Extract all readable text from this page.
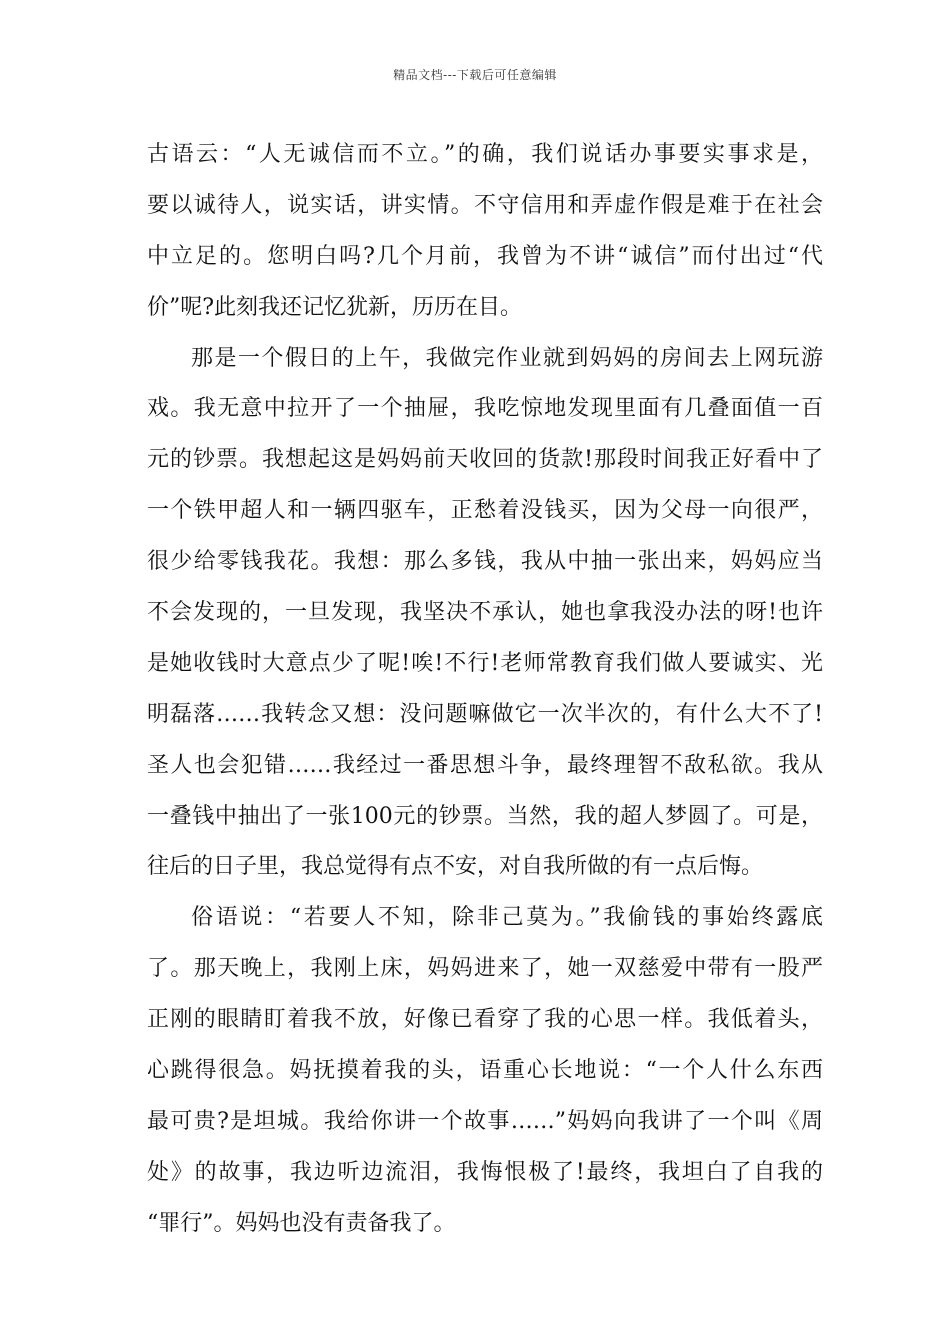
精品文档---下载后可任意编辑
古语云：“人无诚信而不立。”的确，我们说话办事要实事求是，
要以诚待人，说实话，讲实情。不守信用和弄虚作假是难于在社会
中立足的。您明白吗?几个月前，我曾为不讲“诚信”而付出过“代
价”呢?此刻我还记忆犹新，历历在目。
那是一个假日的上午，我做完作业就到妈妈的房间去上网玩游
戏。我无意中拉开了一个抽屉，我吃惊地发现里面有几叠面值一百
元的钞票。我想起这是妈妈前天收回的货款!那段时间我正好看中了
一个铁甲超人和一辆四驱车，正愁着没钱买，因为父母一向很严，
很少给零钱我花。我想：那么多钱，我从中抽一张出来，妈妈应当
不会发现的，一旦发现，我坚决不承认，她也拿我没办法的呀!也许
是她收钱时大意点少了呢!唉!不行!老师常教育我们做人要诚实、光
明磊落……我转念又想：没问题嘛做它一次半次的，有什么大不了!
圣人也会犯错……我经过一番思想斗争，最终理智不敌私欲。我从
一叠钱中抽出了一张100元的钞票。当然，我的超人梦圆了。可是，
往后的日子里，我总觉得有点不安，对自我所做的有一点后悔。
俗语说：“若要人不知，除非己莫为。”我偷钱的事始终露底
了。那天晚上，我刚上床，妈妈进来了，她一双慈爱中带有一股严
正刚的眼睛盯着我不放，好像已看穿了我的心思一样。我低着头，
心跳得很急。妈抚摸着我的头，语重心长地说：“一个人什么东西
最可贵?是坦城。我给你讲一个故事……”妈妈向我讲了一个叫《周
处》的故事，我边听边流泪，我悔恨极了!最终，我坦白了自我的
“罪行”。妈妈也没有责备我了。
